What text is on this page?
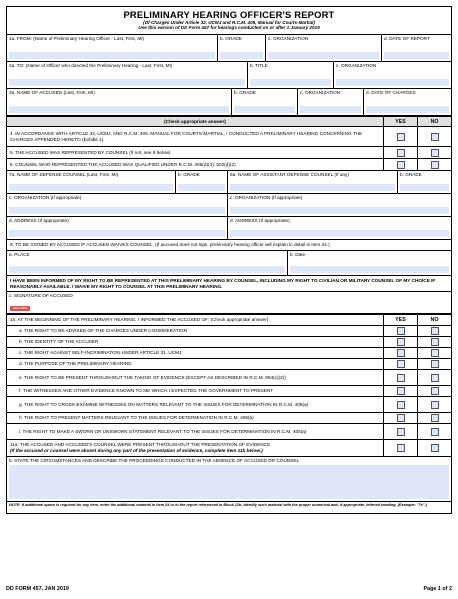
PRELIMINARY HEARING OFFICER'S REPORT
(Of Charges Under Article 32, UCMJ and R.C.M. 405, Manual for Courts-Martial)
Use this version of DD Form 457 for hearings conducted on or after 1 January 2019
1a. FROM: (Name of Preliminary Hearing Officer - Last, First, MI)	b. GRADE	c. ORGANIZATION	d. DATE OF REPORT
2a. TO: (Name of Officer who directed the Preliminary Hearing - Last, First, MI)	b. TITLE	c. ORGANIZATION
3a. NAME OF ACCUSED (Last, First, MI)	b. GRADE	c. ORGANIZATION	d. DATE OF CHARGES
(Check appropriate answer)	YES	NO
4. IN ACCORDANCE WITH ARTICLE 32, UCMJ, AND R.C.M. 405, MANUAL FOR COURTS-MARTIAL, I CONDUCTED A PRELIMINARY HEARING CONCERNING THE CHARGES APPENDED HERETO (Exhibit 1)
5. THE ACCUSED WAS REPRESENTED BY COUNSEL (If not, see 9 below)
6. COUNSEL WHO REPRESENTED THE ACCUSED WAS QUALIFIED UNDER R.C.M. 405(d)(3), 502(d)(2)
7a. NAME OF DEFENSE COUNSEL (Last, First, MI)	b. GRADE	8a. NAME OF ASSISTANT DEFENSE COUNSEL (If any)	b. GRADE
c. ORGANIZATION (If appropriate)	c. ORGANIZATION (If appropriate)
d. ADDRESS (If appropriate)	d. ADDRESS (If appropriate)
9. TO BE SIGNED BY ACCUSED IF ACCUSED WAIVES COUNSEL. (If accused does not sign, preliminary hearing officer will explain in detail in item 24.)
a. PLACE	b. Date
I HAVE BEEN INFORMED OF MY RIGHT TO BE REPRESENTED AT THIS PRELIMINARY HEARING BY COUNSEL, INCLUDING MY RIGHT TO CIVILIAN OR MILITARY COUNSEL OF MY CHOICE IF REASONABLY AVAILABLE. I WAIVE MY RIGHT TO COUNSEL AT THIS PRELIMINARY HEARING.
c. SIGNATURE OF ACCUSED
SIGN HERE
10. AT THE BEGINNING OF THE PRELIMINARY HEARING, I INFORMED THE ACCUSED OF: (Check appropriate answer)	YES	NO
a. THE RIGHT TO BE ADVISED OF THE CHARGES UNDER CONSIDERATION
b. THE IDENTITY OF THE ACCUSER
c. THE RIGHT AGAINST SELF-INCRIMINATION UNDER ARTICLE 31, UCMJ
d. THE PURPOSE OF THE PRELIMINARY HEARING
e. THE RIGHT TO BE PRESENT THROUGHOUT THE TAKING OF EVIDENCE (EXCEPT AS DESCRIBED IN R.C.M. 804(c)(2))
f. THE WITNESSES AND OTHER EVIDENCE KNOWN TO ME WHICH I EXPECTED THE GOVERNMENT TO PRESENT
g. THE RIGHT TO CROSS-EXAMINE WITNESSES ON MATTERS RELEVANT TO THE ISSUES FOR DETERMINATION IN R.C.M. 405(a)
h. THE RIGHT TO PRESENT MATTERS RELEVANT TO THE ISSUES FOR DETERMINATION IN R.C.M. 405(a)
i. THE RIGHT TO MAKE A SWORN OR UNSWORN STATEMENT RELEVANT TO THE ISSUES FOR DETERMINATION IN R.C.M. 405(a)
11a. THE ACCUSED AND ACCUSED'S COUNSEL WERE PRESENT THROUGHOUT THE PRESENTATION OF EVIDENCE
(If the accused or counsel were absent during any part of the presentation of evidence, complete item 11b below.)
b. STATE THE CIRCUMSTANCES AND DESCRIBE THE PROCEEDINGS CONDUCTED IN THE ABSENCE OF ACCUSED OR COUNSEL
NOTE: If additional space is required for any item, enter the additional material in Item 24 or in the report referenced in Block 12b. Identify such material with the proper numerical and, if appropriate, lettered heading. (Example: "7c".)
DD FORM 457, JAN 2019	Page 1 of 2
